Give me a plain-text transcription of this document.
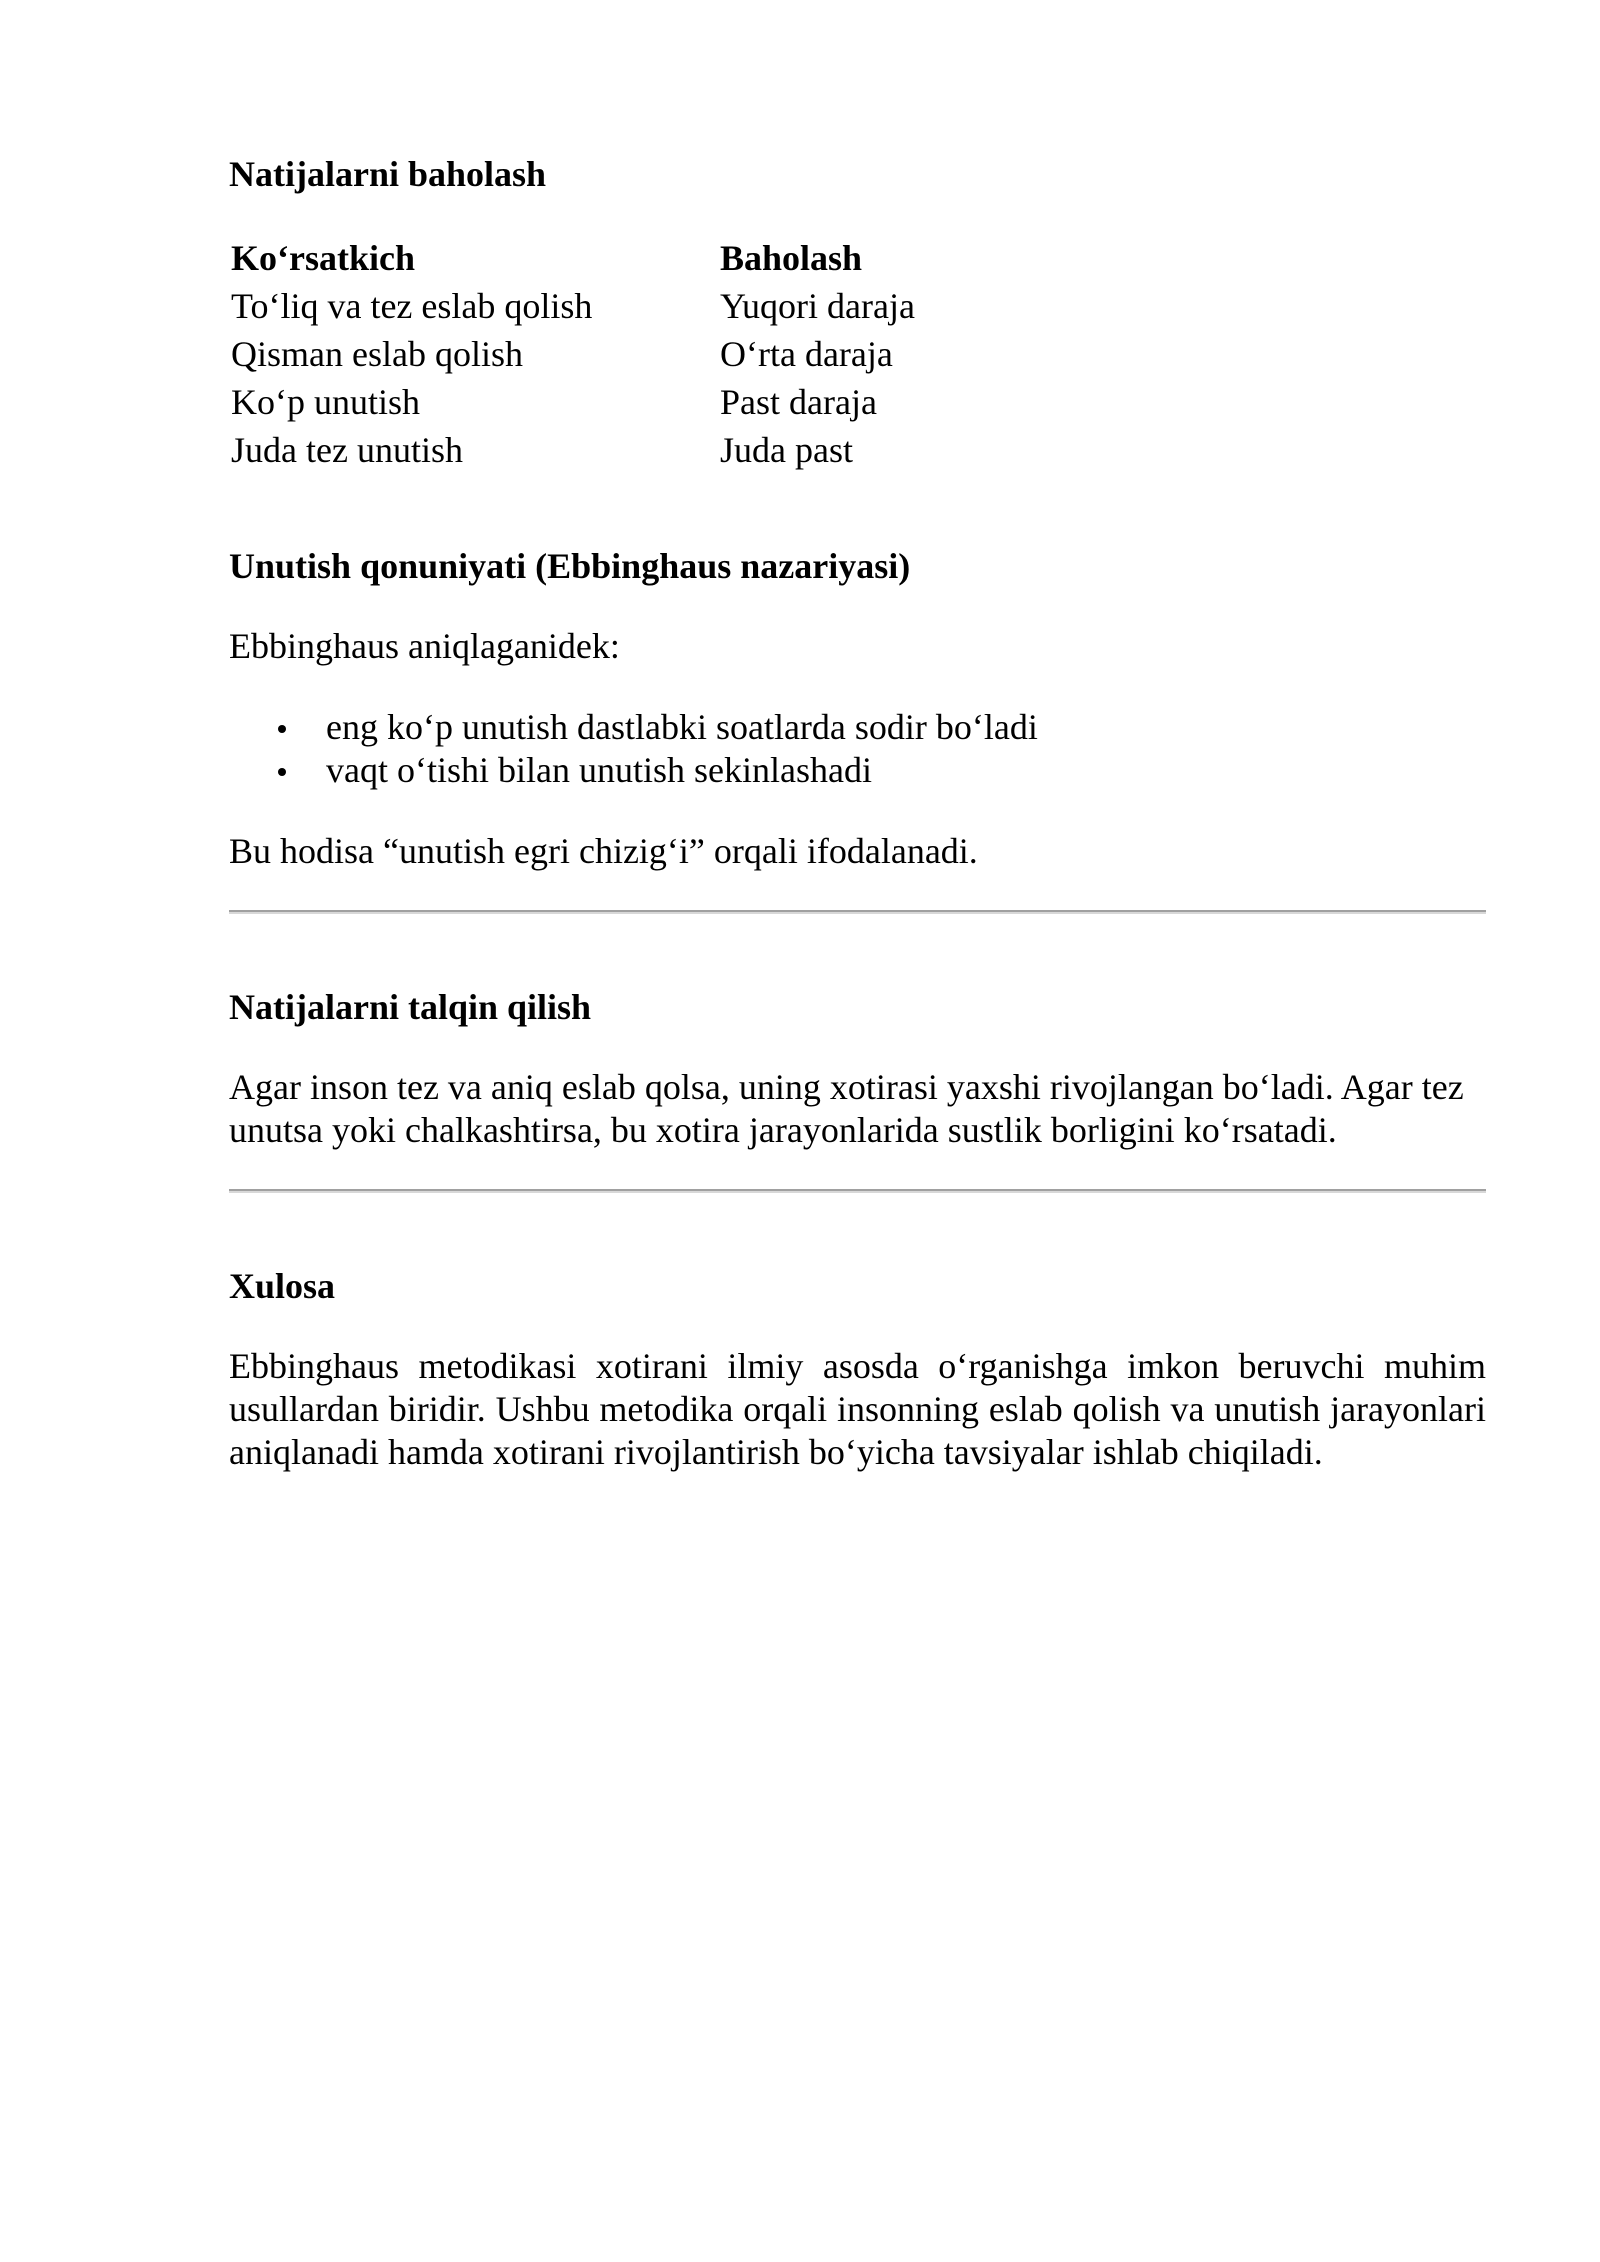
Natijalarni baholash
Ko‘rsatkich	Baholash
To‘liq va tez eslab qolish	Yuqori daraja
Qisman eslab qolish	O‘rta daraja
Ko‘p unutish	Past daraja
Juda tez unutish	Juda past
Unutish qonuniyati (Ebbinghaus nazariyasi)

Ebbinghaus aniqlaganidek:

eng ko‘p unutish dastlabki soatlarda sodir bo‘ladi
vaqt o‘tishi bilan unutish sekinlashadi

Bu hodisa “unutish egri chizig‘i” orqali ifodalanadi.

Natijalarni talqin qilish

Agar inson tez va aniq eslab qolsa, uning xotirasi yaxshi rivojlangan bo‘ladi. Agar tez unutsa yoki chalkashtirsa, bu xotira jarayonlarida sustlik borligini ko‘rsatadi.

Xulosa

Ebbinghaus metodikasi xotirani ilmiy asosda o‘rganishga imkon beruvchi muhim usullardan biridir. Ushbu metodika orqali insonning eslab qolish va unutish jarayonlari aniqlanadi hamda xotirani rivojlantirish bo‘yicha tavsiyalar ishlab chiqiladi.
